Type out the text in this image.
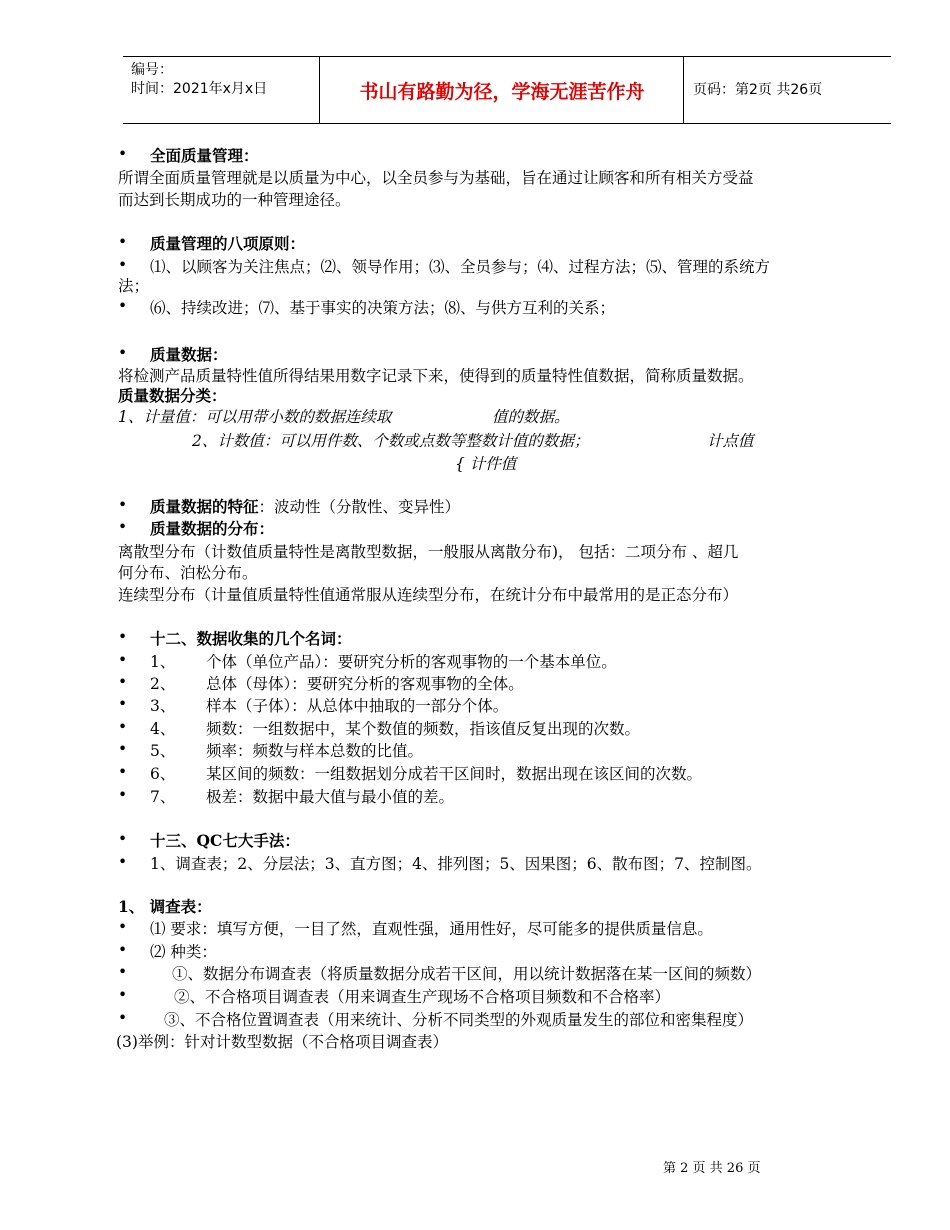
编号：
时间：2021年x月x日	书山有路勤为径，学海无涯苦作舟	页码：第2页 共26页
•	全面质量管理：
所谓全面质量管理就是以质量为中心，以全员参与为基础，旨在通过让顾客和所有相关方受益
而达到长期成功的一种管理途径。
•	质量管理的八项原则：
•	⑴、以顾客为关注焦点；⑵、领导作用；⑶、全员参与；⑷、过程方法；⑸、管理的系统方
法；
•	⑹、持续改进；⑺、基于事实的决策方法；⑻、与供方互利的关系；
•	质量数据：
将检测产品质量特性值所得结果用数字记录下来，使得到的质量特性值数据，简称质量数据。
质量数据分类：
1、计量值：可以用带小数的数据连续取	值的数据。
2、计数值：可以用件数、个数或点数等整数计值的数据；	计点值
{ 计件值
•	质量数据的特征：波动性（分散性、变异性）
•	质量数据的分布：
离散型分布（计数值质量特性是离散型数据，一般服从离散分布)， 包括：二项分布 、超几
何分布、泊松分布。
连续型分布（计量值质量特性值通常服从连续型分布，在统计分布中最常用的是正态分布）
•	十二、数据收集的几个名词：
•	1、 个体（单位产品）：要研究分析的客观事物的一个基本单位。
•	2、 总体（母体）：要研究分析的客观事物的全体。
•	3、 样本（子体）：从总体中抽取的一部分个体。
•	4、 频数：一组数据中，某个数值的频数，指该值反复出现的次数。
•	5、 频率：频数与样本总数的比值。
•	6、 某区间的频数：一组数据划分成若干区间时，数据出现在该区间的次数。
•	7、 极差：数据中最大值与最小值的差。
•	十三、QC七大手法：
•	1、调查表；2、分层法；3、直方图；4、排列图；5、因果图；6、散布图；7、控制图。
1、 调查表：
•	⑴ 要求：填写方便，一目了然，直观性强，通用性好，尽可能多的提供质量信息。
•	⑵ 种类：
•	①、数据分布调查表（将质量数据分成若干区间，用以统计数据落在某一区间的频数）
•	②、不合格项目调查表（用来调查生产现场不合格项目频数和不合格率）
•	③、不合格位置调查表（用来统计、分析不同类型的外观质量发生的部位和密集程度）
(3)举例：针对计数型数据（不合格项目调查表）
第 2 页 共 26 页
